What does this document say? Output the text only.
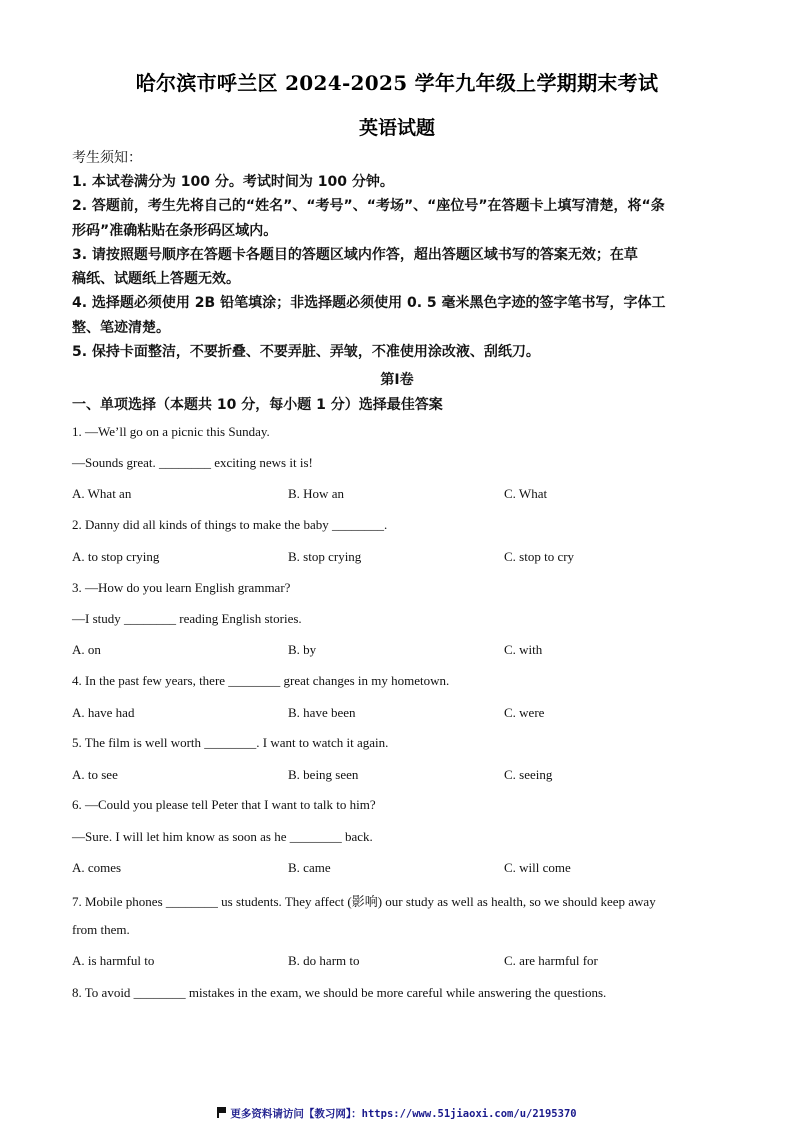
哈尔滨市呼兰区 2024-2025 学年九年级上学期期末考试
英语试题
考生须知：
1. 本试卷满分为 100 分。考试时间为 100 分钟。
2. 答题前，考生先将自己的“姓名”、“考号”、“考场”、“座位号”在答题卡上填写清楚，将“条
形码”准确粘贴在条形码区域内。
3. 请按照题号顺序在答题卡各题目的答题区域内作答，超出答题区域书写的答案无效；在草
稿纸、试题纸上答题无效。
4. 选择题必须使用 2B 铅笔填涂；非选择题必须使用 0. 5 毫米黑色字迹的签字笔书写，字体工
整、笔迹清楚。
5. 保持卡面整洁，不要折叠、不要弄脏、弄皱，不准使用涂改液、刮纸刀。
第Ⅰ卷
一、单项选择（本题共 10 分，每小题 1 分）选择最佳答案
1. —We’ll go on a picnic this Sunday.
—Sounds great. ________ exciting news it is!
A. What an	B. How an	C. What
2. Danny did all kinds of things to make the baby ________.
A. to stop crying	B. stop crying	C. stop to cry
3. —How do you learn English grammar?
—I study ________ reading English stories.
A. on	B. by	C. with
4. In the past few years, there ________ great changes in my hometown.
A. have had	B. have been	C. were
5. The film is well worth ________. I want to watch it again.
A. to see	B. being seen	C. seeing
6. —Could you please tell Peter that I want to talk to him?
—Sure. I will let him know as soon as he ________ back.
A. comes	B. came	C. will come
7. Mobile phones ________ us students. They affect (影响) our study as well as health, so we should keep away
from them.
A. is harmful to	B. do harm to	C. are harmful for
8. To avoid ________ mistakes in the exam, we should be more careful while answering the questions.
更多资料请访问【教习网】：https://www.51jiaoxi.com/u/2195370
